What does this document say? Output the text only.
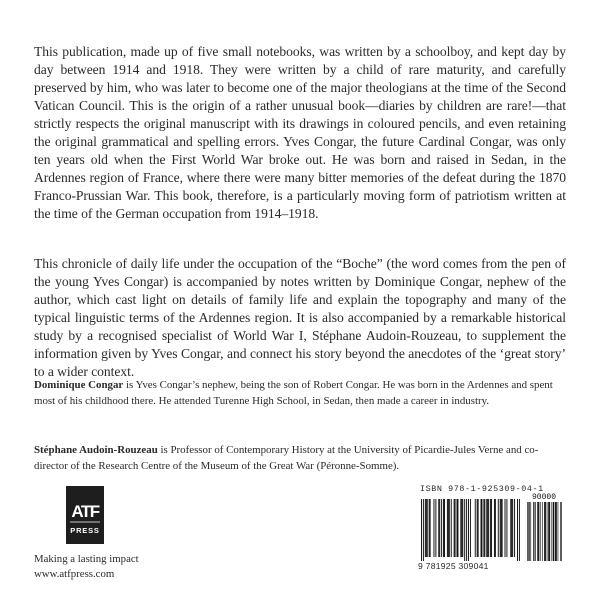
This publication, made up of five small notebooks, was written by a schoolboy, and kept day by day between 1914 and 1918. They were written by a child of rare maturity, and carefully preserved by him, who was later to become one of the major theologians at the time of the Second Vatican Council. This is the origin of a rather unusual book—diaries by children are rare!—that strictly respects the original manuscript with its drawings in coloured pencils, and even retaining the original grammatical and spelling errors. Yves Congar, the future Cardinal Congar, was only ten years old when the First World War broke out. He was born and raised in Sedan, in the Ardennes region of France, where there were many bitter memories of the defeat during the 1870 Franco-Prussian War. This book, therefore, is a particularly moving form of patriotism written at the time of the German occupation from 1914–1918.

This chronicle of daily life under the occupation of the “Boche” (the word comes from the pen of the young Yves Congar) is accompanied by notes written by Dominique Congar, nephew of the author, which cast light on details of family life and explain the topography and many of the typical linguistic terms of the Ardennes region. It is also accompanied by a remarkable historical study by a recognised specialist of World War I, Stéphane Audoin-Rouzeau, to supplement the information given by Yves Congar, and connect his story beyond the anecdotes of the ‘great story’ to a wider context.

Dominique Congar is Yves Congar’s nephew, being the son of Robert Congar. He was born in the Ardennes and spent most of his childhood there. He attended Turenne High School, in Sedan, then made a career in industry.

Stéphane Audoin-Rouzeau is Professor of Contemporary History at the University of Picardie-Jules Verne and co-director of the Research Centre of the Museum of the Great War (Péronne-Somme).

ATF
PRESS
Making a lasting impact
www.atfpress.com
ISBN 978-1-925309-04-1
90000
9 781925 309041
